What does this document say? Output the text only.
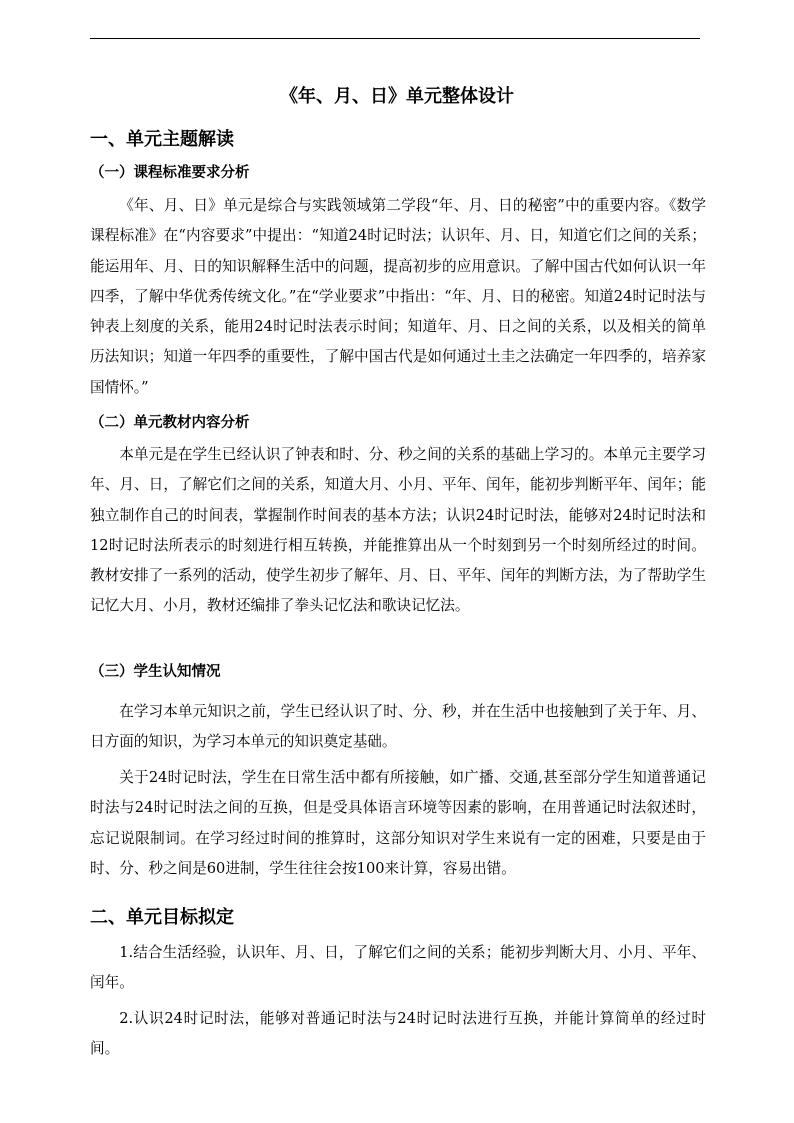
《年、月、日》单元整体设计
一、单元主题解读
（一）课程标准要求分析

《年、月、日》单元是综合与实践领域第二学段“年、月、日的秘密”中的重要内容。《数学课程标准》在“内容要求”中提出：“知道24时记时法；认识年、月、日，知道它们之间的关系；能运用年、月、日的知识解释生活中的问题，提高初步的应用意识。了解中国古代如何认识一年四季，了解中华优秀传统文化。”在“学业要求”中指出：“年、月、日的秘密。知道24时记时法与钟表上刻度的关系，能用24时记时法表示时间；知道年、月、日之间的关系，以及相关的简单历法知识；知道一年四季的重要性，了解中国古代是如何通过土圭之法确定一年四季的，培养家国情怀。”

（二）单元教材内容分析

本单元是在学生已经认识了钟表和时、分、秒之间的关系的基础上学习的。本单元主要学习年、月、日，了解它们之间的关系，知道大月、小月、平年、闰年，能初步判断平年、闰年；能独立制作自己的时间表，掌握制作时间表的基本方法；认识24时记时法，能够对24时记时法和12时记时法所表示的时刻进行相互转换，并能推算出从一个时刻到另一个时刻所经过的时间。教材安排了一系列的活动，使学生初步了解年、月、日、平年、闰年的判断方法，为了帮助学生记忆大月、小月，教材还编排了拳头记忆法和歌诀记忆法。

（三）学生认知情况

在学习本单元知识之前，学生已经认识了时、分、秒，并在生活中也接触到了关于年、月、日方面的知识，为学习本单元的知识奠定基础。

关于24时记时法，学生在日常生活中都有所接触，如广播、交通,甚至部分学生知道普通记时法与24时记时法之间的互换，但是受具体语言环境等因素的影响，在用普通记时法叙述时，忘记说限制词。在学习经过时间的推算时，这部分知识对学生来说有一定的困难，只要是由于时、分、秒之间是60进制，学生往往会按100来计算，容易出错。

二、单元目标拟定

1.结合生活经验，认识年、月、日，了解它们之间的关系；能初步判断大月、小月、平年、闰年。

2.认识24时记时法，能够对普通记时法与24时记时法进行互换，并能计算简单的经过时间。
